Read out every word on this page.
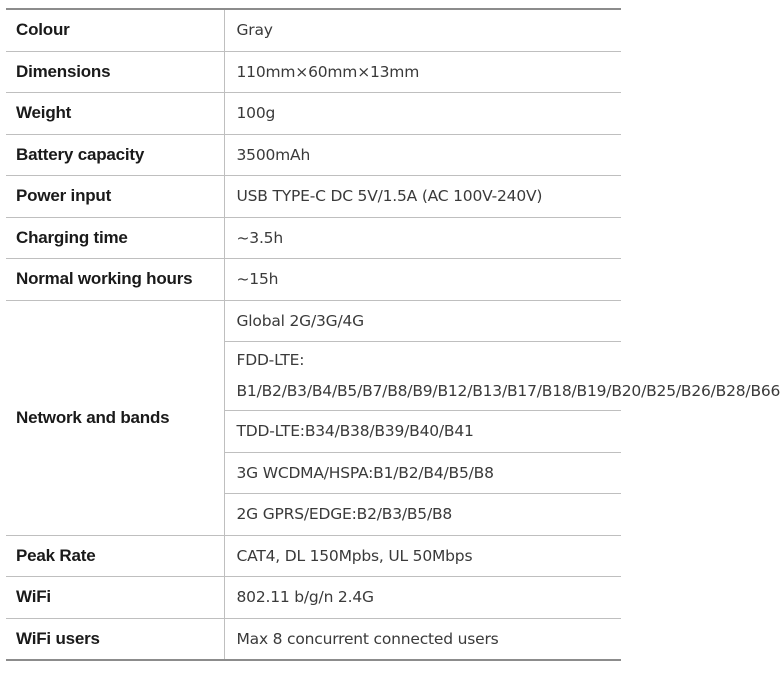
Colour	Gray
Dimensions	110mm×60mm×13mm
Weight	100g
Battery capacity	3500mAh
Power input	USB TYPE-C DC 5V/1.5A (AC 100V-240V)
Charging time	~3.5h
Normal working hours	~15h
Network and bands	Global 2G/3G/4G
	FDD-LTE: B1/B2/B3/B4/B5/B7/B8/B9/B12/B13/B17/B18/B19/B20/B25/B26/B28/B66
	TDD-LTE:B34/B38/B39/B40/B41
	3G WCDMA/HSPA:B1/B2/B4/B5/B8
	2G GPRS/EDGE:B2/B3/B5/B8
Peak Rate	CAT4, DL 150Mpbs, UL 50Mbps
WiFi	802.11 b/g/n 2.4G
WiFi users	Max 8 concurrent connected users
